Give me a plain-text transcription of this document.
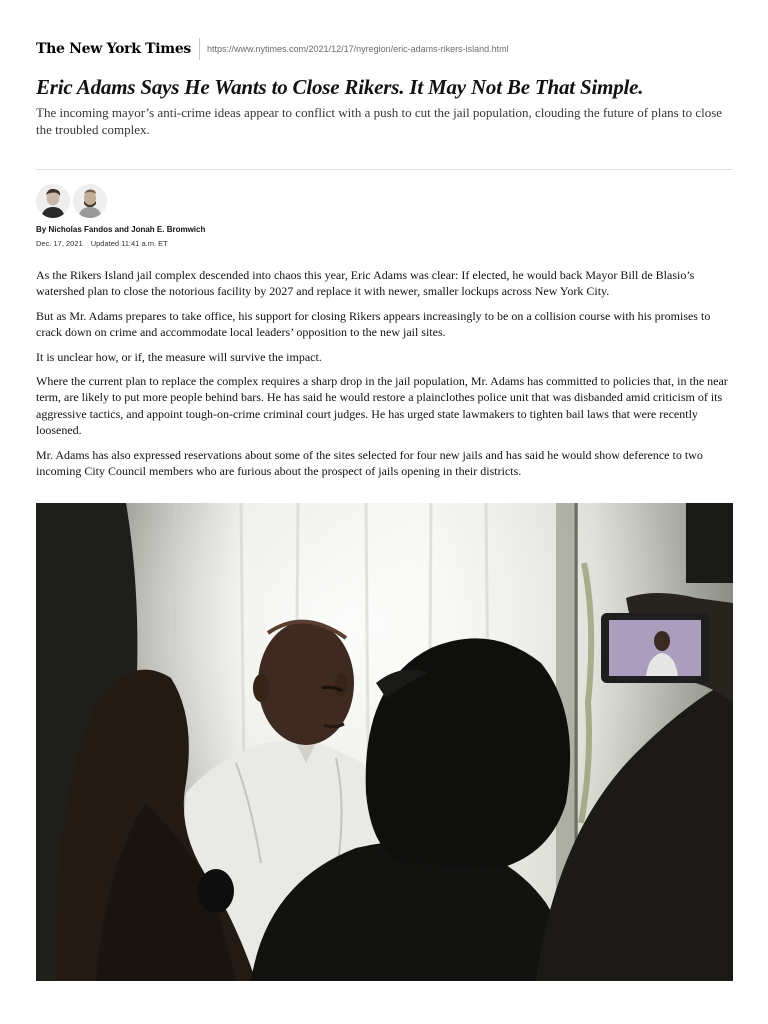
The New York Times https://www.nytimes.com/2021/12/17/nyregion/eric-adams-rikers-island.html
Eric Adams Says He Wants to Close Rikers. It May Not Be That Simple.

The incoming mayor’s anti-crime ideas appear to conflict with a push to cut the jail population, clouding the future of plans to close the troubled complex.

By Nicholas Fandos and Jonah E. Bromwich
Dec. 17, 2021 Updated 11:41 a.m. ET

As the Rikers Island jail complex descended into chaos this year, Eric Adams was clear: If elected, he would back Mayor Bill de Blasio’s watershed plan to close the notorious facility by 2027 and replace it with newer, smaller lockups across New York City.

But as Mr. Adams prepares to take office, his support for closing Rikers appears increasingly to be on a collision course with his promises to crack down on crime and accommodate local leaders’ opposition to the new jail sites.

It is unclear how, or if, the measure will survive the impact.

Where the current plan to replace the complex requires a sharp drop in the jail population, Mr. Adams has committed to policies that, in the near term, are likely to put more people behind bars. He has said he would restore a plainclothes police unit that was disbanded amid criticism of its aggressive tactics, and appoint tough-on-crime criminal court judges. He has urged state lawmakers to tighten bail laws that were recently loosened.

Mr. Adams has also expressed reservations about some of the sites selected for four new jails and has said he would show deference to two incoming City Council members who are furious about the prospect of jails opening in their districts.
